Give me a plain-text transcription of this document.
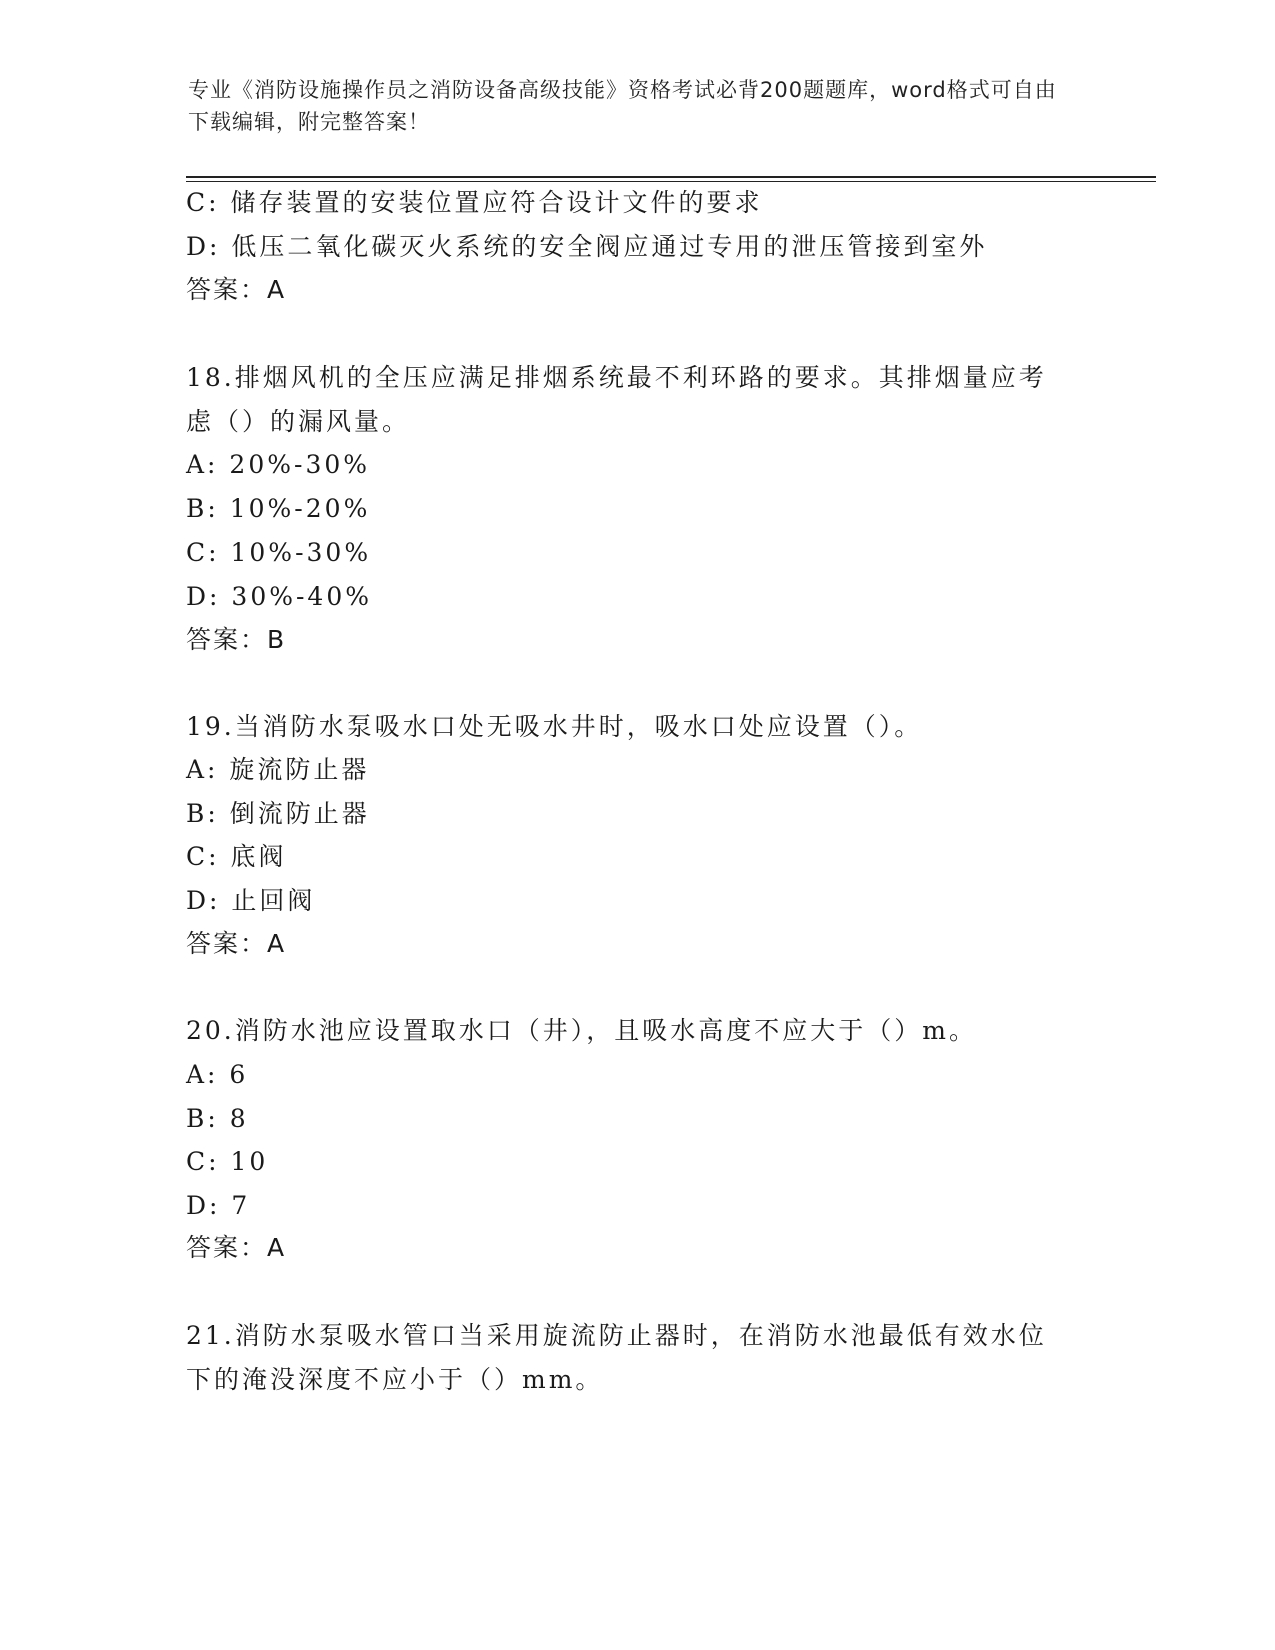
专业《消防设施操作员之消防设备高级技能》资格考试必背200题题库，word格式可自由下载编辑，附完整答案！
C: 储存装置的安装位置应符合设计文件的要求
D: 低压二氧化碳灭火系统的安全阀应通过专用的泄压管接到室外
答案：A
18.排烟风机的全压应满足排烟系统最不利环路的要求。其排烟量应考
虑（）的漏风量。
A: 20%-30%
B: 10%-20%
C: 10%-30%
D: 30%-40%
答案：B
19.当消防水泵吸水口处无吸水井时，吸水口处应设置（）。
A: 旋流防止器
B: 倒流防止器
C: 底阀
D: 止回阀
答案：A
20.消防水池应设置取水口（井），且吸水高度不应大于（）m。
A: 6
B: 8
C: 10
D: 7
答案：A
21.消防水泵吸水管口当采用旋流防止器时，在消防水池最低有效水位
下的淹没深度不应小于（）mm。
